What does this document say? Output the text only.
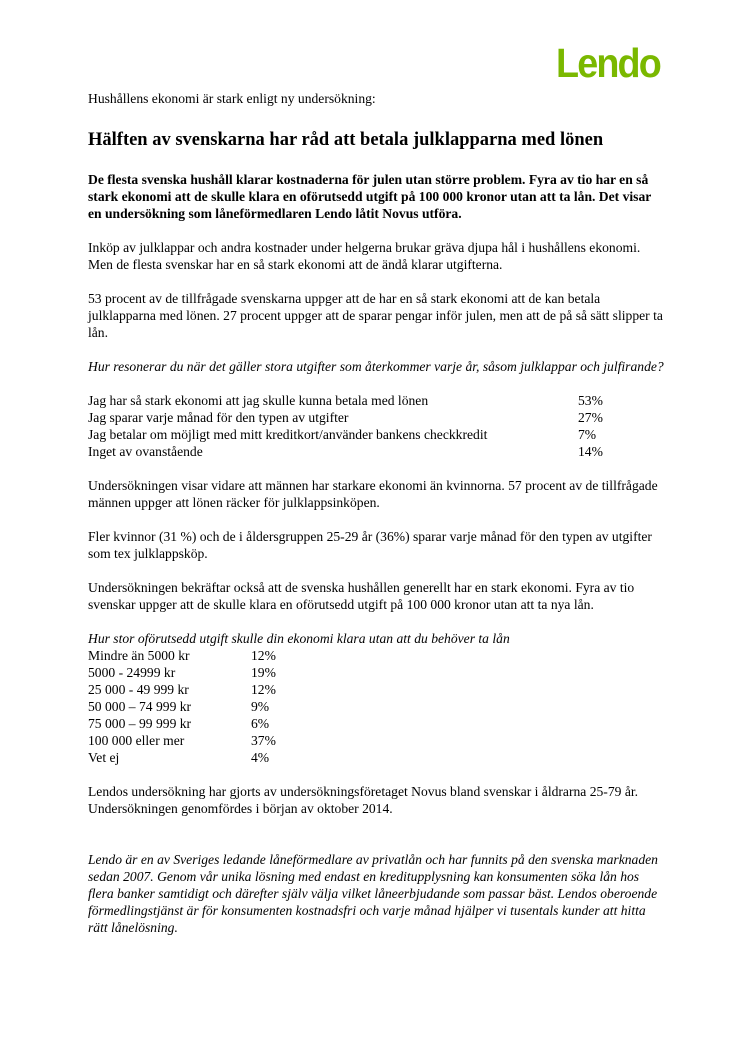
Lendo

Hushållens ekonomi är stark enligt ny undersökning:

Hälften av svenskarna har råd att betala julklapparna med lönen

De flesta svenska hushåll klarar kostnaderna för julen utan större problem. Fyra av tio har en så stark ekonomi att de skulle klara en oförutsedd utgift på 100 000 kronor utan att ta lån. Det visar en undersökning som låneförmedlaren Lendo låtit Novus utföra.

Inköp av julklappar och andra kostnader under helgerna brukar gräva djupa hål i hushållens ekonomi. Men de flesta svenskar har en så stark ekonomi att de ändå klarar utgifterna.

53 procent av de tillfrågade svenskarna uppger att de har en så stark ekonomi att de kan betala julklapparna med lönen. 27 procent uppger att de sparar pengar inför julen, men att de på så sätt slipper ta lån.

Hur resonerar du när det gäller stora utgifter som återkommer varje år, såsom julklappar och julfirande?

Jag har så stark ekonomi att jag skulle kunna betala med lönen	53%
Jag sparar varje månad för den typen av utgifter	27%
Jag betalar om möjligt med mitt kreditkort/använder bankens checkkredit	7%
Inget av ovanstående	14%

Undersökningen visar vidare att männen har starkare ekonomi än kvinnorna. 57 procent av de tillfrågade männen uppger att lönen räcker för julklappsinköpen.

Fler kvinnor (31 %) och de i åldersgruppen 25-29 år (36%) sparar varje månad för den typen av utgifter som tex julklappsköp.

Undersökningen bekräftar också att de svenska hushållen generellt har en stark ekonomi. Fyra av tio svenskar uppger att de skulle klara en oförutsedd utgift på 100 000 kronor utan att ta nya lån.

Hur stor oförutsedd utgift skulle din ekonomi klara utan att du behöver ta lån

Mindre än 5000 kr	12%
5000 - 24999 kr	19%
25 000 - 49 999 kr	12%
50 000 – 74 999 kr	9%
75 000 – 99 999 kr	6%
100 000 eller mer	37%
Vet ej	4%

Lendos undersökning har gjorts av undersökningsföretaget Novus bland svenskar i åldrarna 25-79 år. Undersökningen genomfördes i början av oktober 2014.

Lendo är en av Sveriges ledande låneförmedlare av privatlån och har funnits på den svenska marknaden sedan 2007. Genom vår unika lösning med endast en kreditupplysning kan konsumenten söka lån hos flera banker samtidigt och därefter själv välja vilket låneerbjudande som passar bäst. Lendos oberoende förmedlingstjänst är för konsumenten kostnadsfri och varje månad hjälper vi tusentals kunder att hitta rätt lånelösning.
